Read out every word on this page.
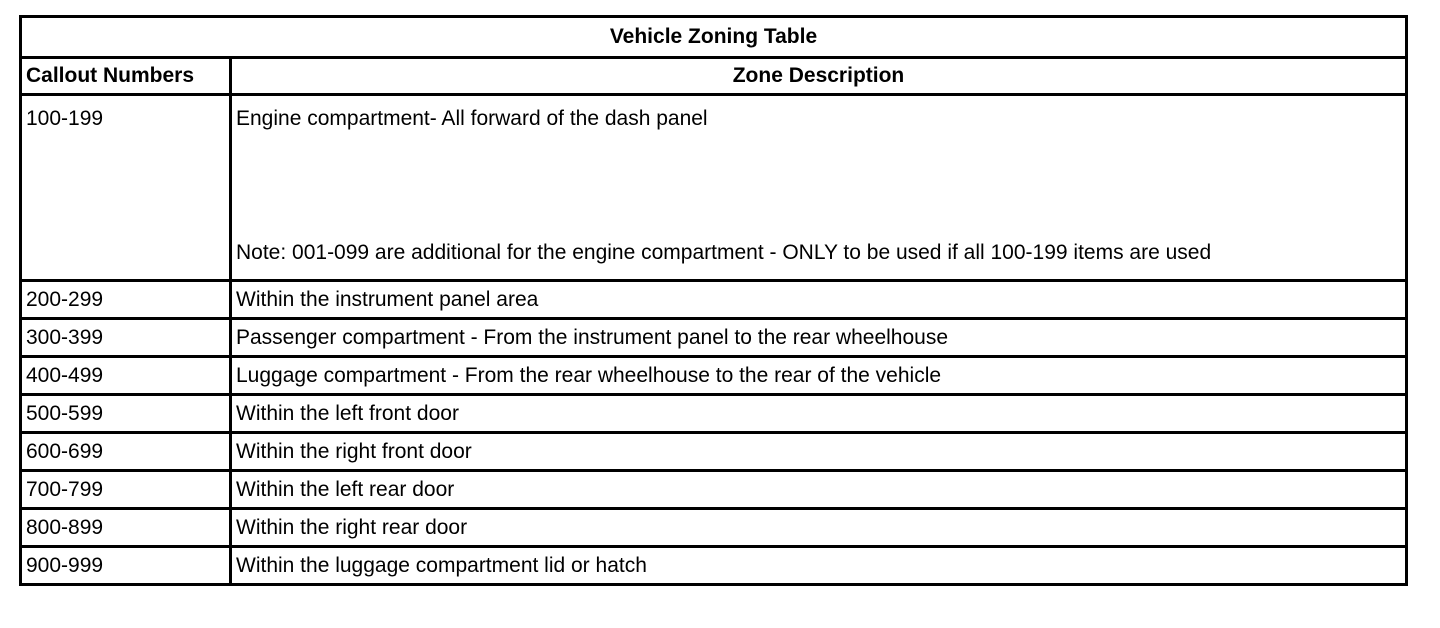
Vehicle Zoning Table	
Callout Numbers	Zone Description
100-199	Engine compartment- All forward of the dash panel
Note: 001-099 are additional for the engine compartment - ONLY to be used if all 100-199 items are used

200-299	Within the instrument panel area
300-399	Passenger compartment - From the instrument panel to the rear wheelhouse
400-499	Luggage compartment - From the rear wheelhouse to the rear of the vehicle
500-599	Within the left front door
600-699	Within the right front door
700-799	Within the left rear door
800-899	Within the right rear door
900-999	Within the luggage compartment lid or hatch
